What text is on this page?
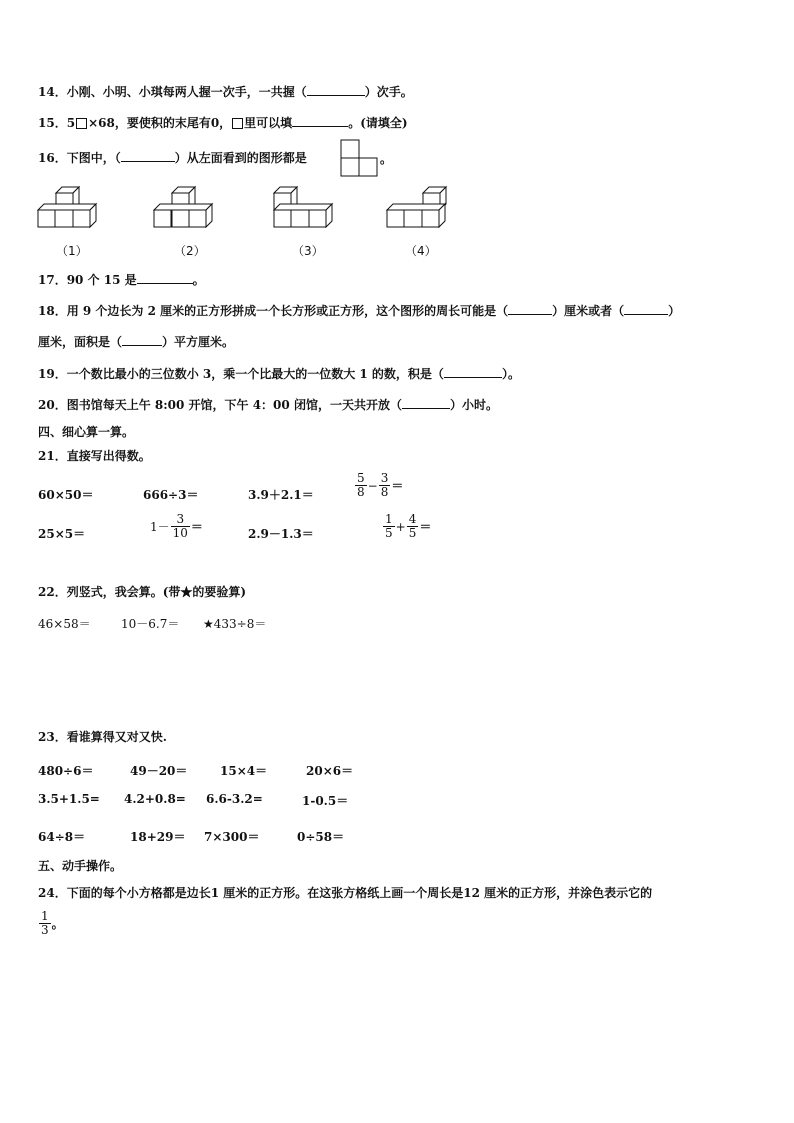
14．小刚、小明、小琪每两人握一次手，一共握（	）次手。
15．5 ×68，要使积的末尾有0， 里可以填	。(请填全)
16．下图中，（	）从左面看到的图形都是	。
（1）	（2）	（3）	（4）
17．90 个 15 是	。
18．用 9 个边长为 2 厘米的正方形拼成一个长方形或正方形，这个图形的周长可能是（	）厘米或者（	）
厘米，面积是（	）平方厘米。
19．一个数比最小的三位数小 3，乘一个比最大的一位数大 1 的数，积是（	）。
20．图书馆每天上午 8:00 开馆，下午 4：00 闭馆，一天共开放（	）小时。
四、细心算一算。
21．直接写出得数。
60×50＝	666÷3＝	3.9＋2.1＝	$\frac{5}{8} - \frac{3}{8}$ ＝
25×5＝	$1- \frac{3}{10}$ ＝	2.9－1.3＝	$\frac{1}{5} + \frac{4}{5}$ ＝
22．列竖式，我会算。(带★的要验算)
46×58＝	10－6.7＝ ★433÷8＝
23．看谁算得又对又快.
480÷6＝	49－20＝	15×4＝	20×6＝
3.5+1.5= 4.2+0.8= 6.6-3.2=	1-0.5＝
64÷8＝	18+29＝ 7×300＝	0÷58＝
五、动手操作。
24．下面的每个小方格都是边长1 厘米的正方形。在这张方格纸上画一个周长是12 厘米的正方形，并涂色表示它的
$\frac{1}{3}$ 。
